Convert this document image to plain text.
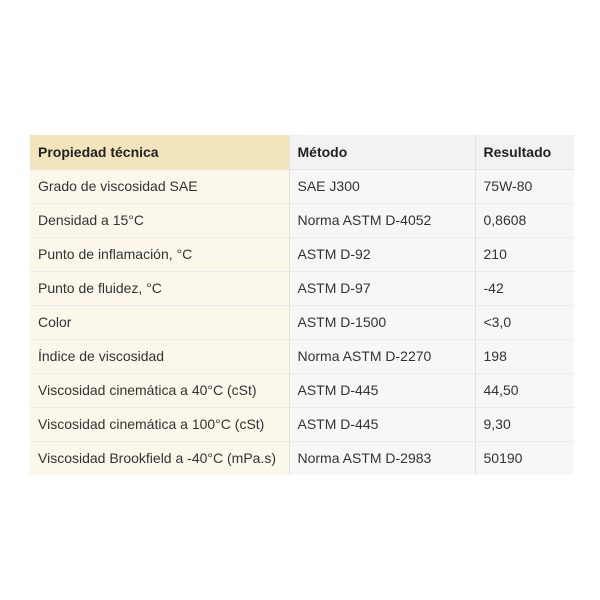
Propiedad técnica	Método	Resultado
Grado de viscosidad SAE	SAE J300	75W-80
Densidad a 15°C	Norma ASTM D-4052	0,8608
Punto de inflamación, °C	ASTM D-92	210
Punto de fluidez, °C	ASTM D-97	-42
Color	ASTM D-1500	<3,0
Índice de viscosidad	Norma ASTM D-2270	198
Viscosidad cinemática a 40°C (cSt)	ASTM D-445	44,50
Viscosidad cinemática a 100°C (cSt)	ASTM D-445	9,30
Viscosidad Brookfield a -40°C (mPa.s)	Norma ASTM D-2983	50190
